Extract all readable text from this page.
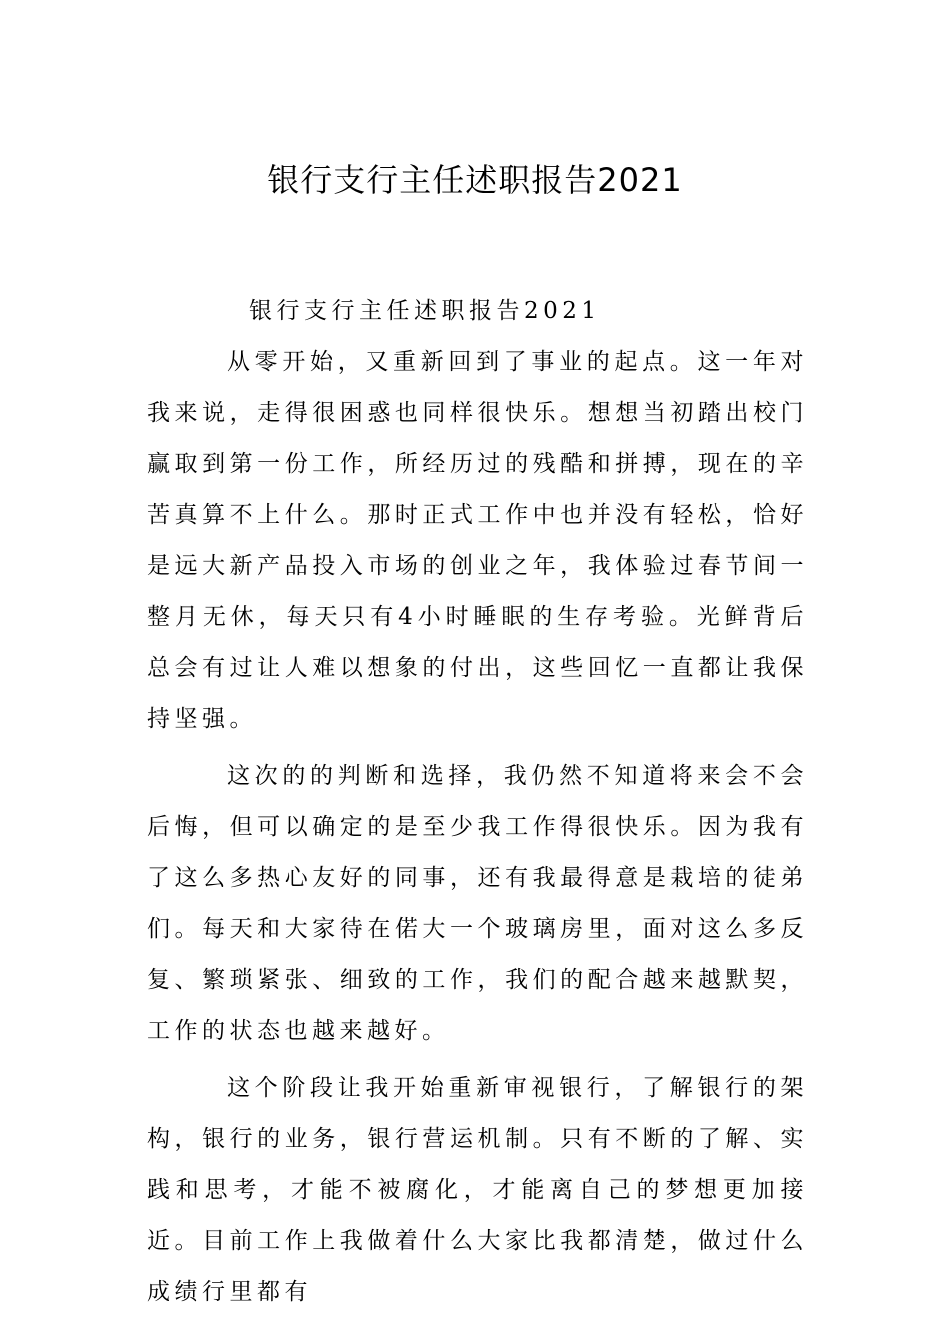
银行支行主任述职报告2021

银行支行主任述职报告2021

从零开始，又重新回到了事业的起点。这一年对我来说，走得很困惑也同样很快乐。想想当初踏出校门赢取到第一份工作，所经历过的残酷和拼搏，现在的辛苦真算不上什么。那时正式工作中也并没有轻松，恰好是远大新产品投入市场的创业之年，我体验过春节间一整月无休，每天只有4小时睡眠的生存考验。光鲜背后总会有过让人难以想象的付出，这些回忆一直都让我保持坚强。

这次的的判断和选择，我仍然不知道将来会不会后悔，但可以确定的是至少我工作得很快乐。因为我有了这么多热心友好的同事，还有我最得意是栽培的徒弟们。每天和大家待在偌大一个玻璃房里，面对这么多反复、繁琐紧张、细致的工作，我们的配合越来越默契，工作的状态也越来越好。

这个阶段让我开始重新审视银行，了解银行的架构，银行的业务，银行营运机制。只有不断的了解、实践和思考，才能不被腐化，才能离自己的梦想更加接近。目前工作上我做着什么大家比我都清楚，做过什么成绩行里都有
